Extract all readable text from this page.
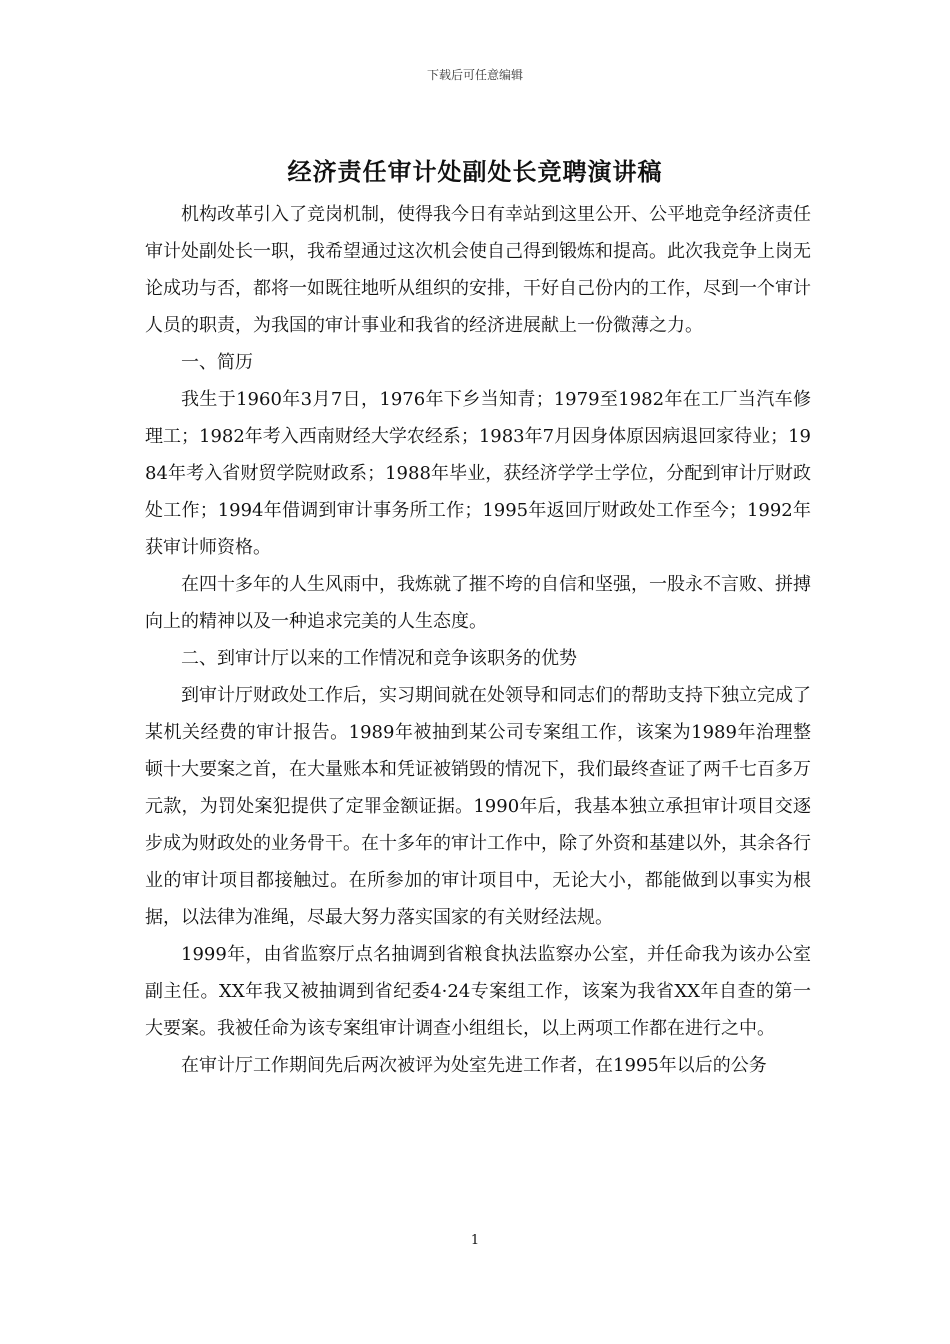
下载后可任意编辑
经济责任审计处副处长竞聘演讲稿

机构改革引入了竞岗机制，使得我今日有幸站到这里公开、公平地竞争经济责任审计处副处长一职，我希望通过这次机会使自己得到锻炼和提高。此次我竞争上岗无论成功与否，都将一如既往地听从组织的安排，干好自己份内的工作，尽到一个审计人员的职责，为我国的审计事业和我省的经济进展献上一份微薄之力。

一、简历

我生于1960年3月7日，1976年下乡当知青；1979至1982年在工厂当汽车修理工；1982年考入西南财经大学农经系；1983年7月因身体原因病退回家待业；1984年考入省财贸学院财政系；1988年毕业，获经济学学士学位，分配到审计厅财政处工作；1994年借调到审计事务所工作；1995年返回厅财政处工作至今；1992年获审计师资格。

在四十多年的人生风雨中，我炼就了摧不垮的自信和坚强，一股永不言败、拼搏向上的精神以及一种追求完美的人生态度。

二、到审计厅以来的工作情况和竞争该职务的优势

到审计厅财政处工作后，实习期间就在处领导和同志们的帮助支持下独立完成了某机关经费的审计报告。1989年被抽到某公司专案组工作，该案为1989年治理整顿十大要案之首，在大量账本和凭证被销毁的情况下，我们最终查证了两千七百多万元款，为罚处案犯提供了定罪金额证据。1990年后，我基本独立承担审计项目交逐步成为财政处的业务骨干。在十多年的审计工作中，除了外资和基建以外，其余各行业的审计项目都接触过。在所参加的审计项目中，无论大小，都能做到以事实为根据，以法律为准绳，尽最大努力落实国家的有关财经法规。

1999年，由省监察厅点名抽调到省粮食执法监察办公室，并任命我为该办公室副主任。XX年我又被抽调到省纪委4·24专案组工作，该案为我省XX年自查的第一大要案。我被任命为该专案组审计调查小组组长，以上两项工作都在进行之中。

在审计厅工作期间先后两次被评为处室先进工作者，在1995年以后的公务

1
